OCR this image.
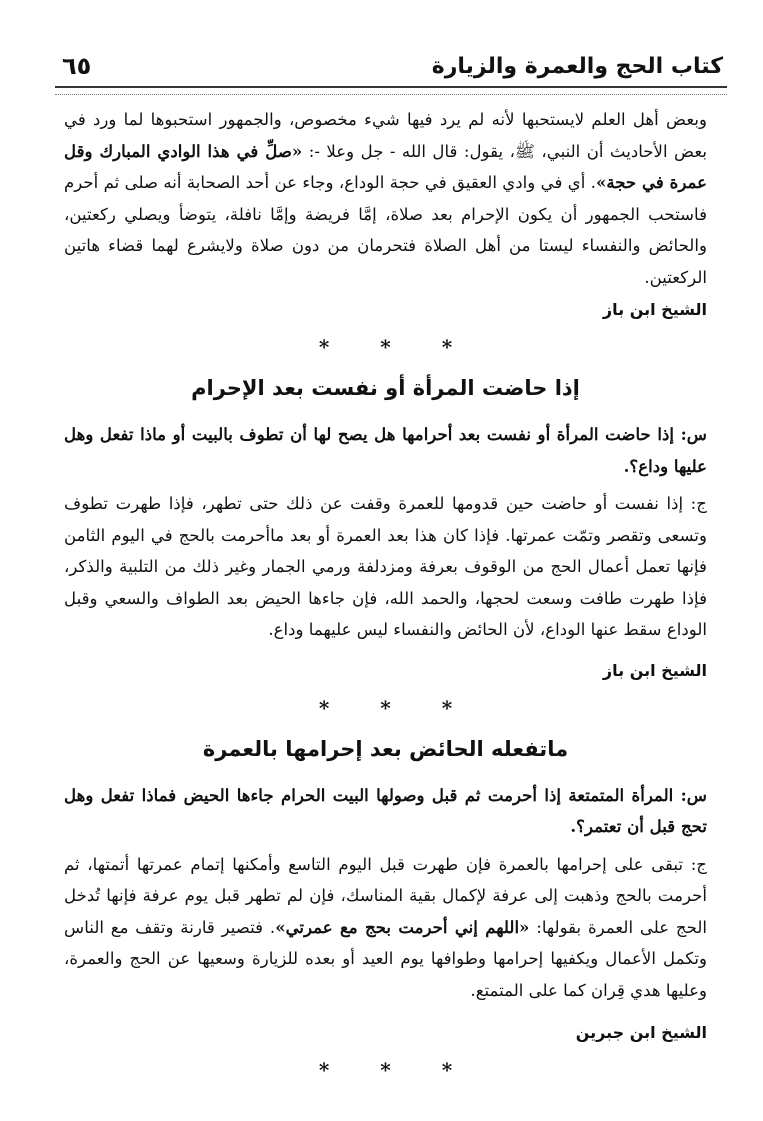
٦٥	كتاب الحج والعمرة والزيارة

وبعض أهل العلم لايستحبها لأنه لم يرد فيها شيء مخصوص، والجمهور استحبوها لما ورد في بعض الأحاديث أن النبي، ﷺ، يقول: قال الله - جل وعلا -: «صلِّ في هذا الوادي المبارك وقل عمرة في حجة». أي في وادي العقيق في حجة الوداع، وجاء عن أحد الصحابة أنه صلى ثم أحرم فاستحب الجمهور أن يكون الإحرام بعد صلاة، إمَّا فريضة وإمَّا نافلة، يتوضأ ويصلي ركعتين، والحائض والنفساء ليستا من أهل الصلاة فتحرمان من دون صلاة ولايشرع لهما قضاء هاتين الركعتين.

الشيخ ابن باز
* * *
إذا حاضت المرأة أو نفست بعد الإحرام

س: إذا حاضت المرأة أو نفست بعد أحرامها هل يصح لها أن تطوف بالبيت أو ماذا تفعل وهل عليها وداع؟.

ج: إذا نفست أو حاضت حين قدومها للعمرة وقفت عن ذلك حتى تطهر، فإذا طهرت تطوف وتسعى وتقصر وتمّت عمرتها. فإذا كان هذا بعد العمرة أو بعد ماأحرمت بالحج في اليوم الثامن فإنها تعمل أعمال الحج من الوقوف بعرفة ومزدلفة ورمي الجمار وغير ذلك من التلبية والذكر، فإذا طهرت طافت وسعت لحجها، والحمد الله، فإن جاءها الحيض بعد الطواف والسعي وقبل الوداع سقط عنها الوداع، لأن الحائض والنفساء ليس عليهما وداع.

الشيخ ابن باز
* * *
ماتفعله الحائض بعد إحرامها بالعمرة

س: المرأة المتمتعة إذا أحرمت ثم قبل وصولها البيت الحرام جاءها الحيض فماذا تفعل وهل تحج قبل أن تعتمر؟.

ج: تبقى على إحرامها بالعمرة فإن طهرت قبل اليوم التاسع وأمكنها إتمام عمرتها أتمتها، ثم أحرمت بالحج وذهبت إلى عرفة لإكمال بقية المناسك، فإن لم تطهر قبل يوم عرفة فإنها تُدخل الحج على العمرة بقولها: «اللهم إني أحرمت بحج مع عمرتي». فتصير قارنة وتقف مع الناس وتكمل الأعمال ويكفيها إحرامها وطوافها يوم العيد أو بعده للزيارة وسعيها عن الحج والعمرة، وعليها هدي قِران كما على المتمتع.

الشيخ ابن جبرين
* * *
